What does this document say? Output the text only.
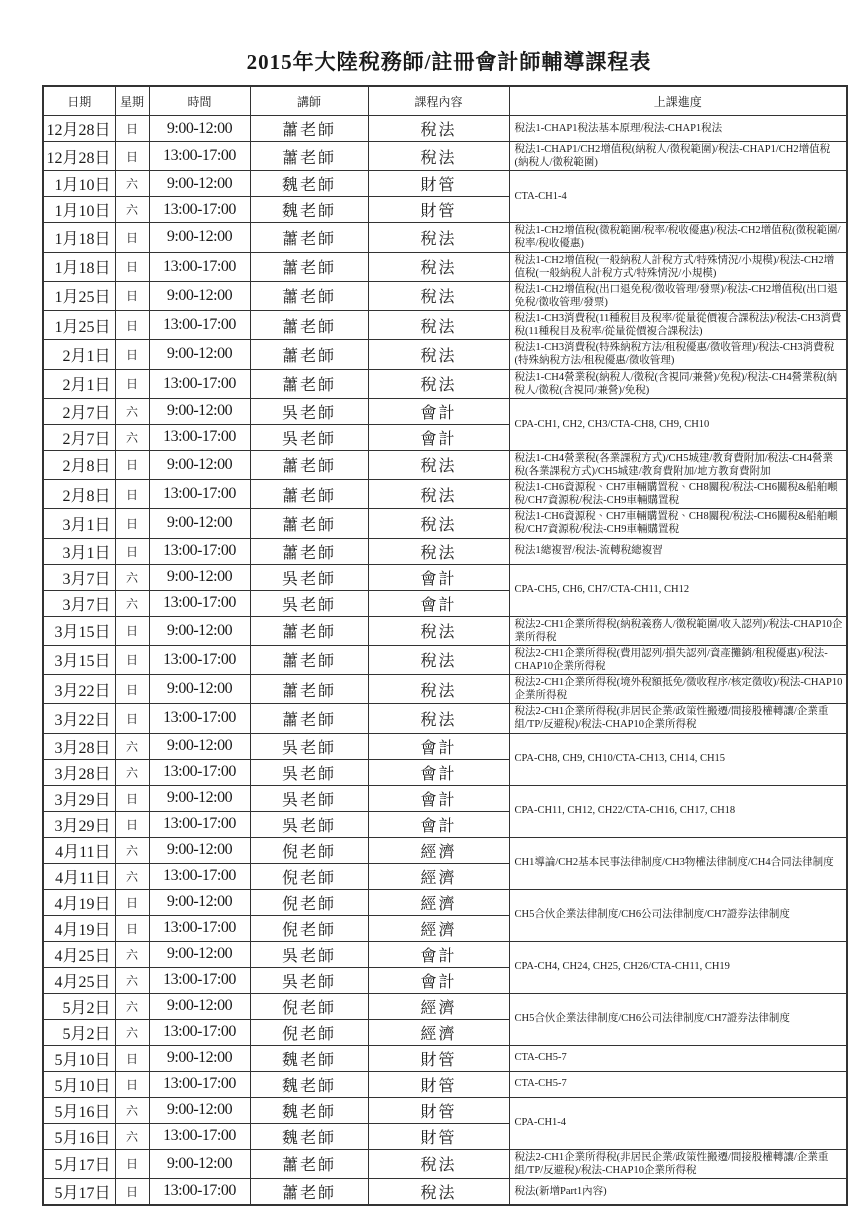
2015年大陸稅務師/註冊會計師輔導課程表
日期	星期	時間	講師	課程內容	上課進度
12月28日	日	9:00-12:00	蕭老師	稅法	稅法1-CHAP1稅法基本原理/稅法-CHAP1稅法
12月28日	日	13:00-17:00	蕭老師	稅法	稅法1-CHAP1/CH2增值稅(納稅人/徵稅範圍)/稅法-CHAP1/CH2增值稅(納稅人/徵稅範圍)
1月10日	六	9:00-12:00	魏老師	財管	CTA-CH1-4
1月10日	六	13:00-17:00	魏老師	財管	
1月18日	日	9:00-12:00	蕭老師	稅法	稅法1-CH2增值稅(徵稅範圍/稅率/稅收優惠)/稅法-CH2增值稅(徵稅範圍/稅率/稅收優惠)
1月18日	日	13:00-17:00	蕭老師	稅法	稅法1-CH2增值稅(一般納稅人計稅方式/特殊情況/小規模)/稅法-CH2增值稅(一般納稅人計稅方式/特殊情況/小規模)
1月25日	日	9:00-12:00	蕭老師	稅法	稅法1-CH2增值稅(出口退免稅/徵收管理/發票)/稅法-CH2增值稅(出口退免稅/徵收管理/發票)
1月25日	日	13:00-17:00	蕭老師	稅法	稅法1-CH3消費稅(11種稅目及稅率/從量從價複合課稅法)/稅法-CH3消費稅(11種稅目及稅率/從量從價複合課稅法)
2月1日	日	9:00-12:00	蕭老師	稅法	稅法1-CH3消費稅(特殊納稅方法/租稅優惠/徵收管理)/稅法-CH3消費稅(特殊納稅方法/租稅優惠/徵收管理)
2月1日	日	13:00-17:00	蕭老師	稅法	稅法1-CH4營業稅(納稅人/徵稅(含視同/兼營)/免稅)/稅法-CH4營業稅(納稅人/徵稅(含視同/兼營)/免稅)
2月7日	六	9:00-12:00	吳老師	會計	CPA-CH1, CH2, CH3/CTA-CH8, CH9, CH10
2月7日	六	13:00-17:00	吳老師	會計	
2月8日	日	9:00-12:00	蕭老師	稅法	稅法1-CH4營業稅(各業課稅方式)/CH5城建/教育費附加/稅法-CH4營業稅(各業課稅方式)/CH5城建/教育費附加/地方教育費附加
2月8日	日	13:00-17:00	蕭老師	稅法	稅法1-CH6資源稅、CH7車輛購置稅、CH8關稅/稅法-CH6關稅&船舶噸稅/CH7資源稅/稅法-CH9車輛購置稅
3月1日	日	9:00-12:00	蕭老師	稅法	稅法1-CH6資源稅、CH7車輛購置稅、CH8關稅/稅法-CH6關稅&船舶噸稅/CH7資源稅/稅法-CH9車輛購置稅
3月1日	日	13:00-17:00	蕭老師	稅法	稅法1總複習/稅法-流轉稅總複習
3月7日	六	9:00-12:00	吳老師	會計	CPA-CH5, CH6, CH7/CTA-CH11, CH12
3月7日	六	13:00-17:00	吳老師	會計	
3月15日	日	9:00-12:00	蕭老師	稅法	稅法2-CH1企業所得稅(納稅義務人/徵稅範圍/收入認列)/稅法-CHAP10企業所得稅
3月15日	日	13:00-17:00	蕭老師	稅法	稅法2-CH1企業所得稅(費用認列/損失認列/資產攤銷/租稅優惠)/稅法-CHAP10企業所得稅
3月22日	日	9:00-12:00	蕭老師	稅法	稅法2-CH1企業所得稅(境外稅額抵免/徵收程序/核定徵收)/稅法-CHAP10企業所得稅
3月22日	日	13:00-17:00	蕭老師	稅法	稅法2-CH1企業所得稅(非居民企業/政策性搬遷/間接股權轉讓/企業重組/TP/反避稅)/稅法-CHAP10企業所得稅
3月28日	六	9:00-12:00	吳老師	會計	CPA-CH8, CH9, CH10/CTA-CH13, CH14, CH15
3月28日	六	13:00-17:00	吳老師	會計	
3月29日	日	9:00-12:00	吳老師	會計	CPA-CH11, CH12, CH22/CTA-CH16, CH17, CH18
3月29日	日	13:00-17:00	吳老師	會計	
4月11日	六	9:00-12:00	倪老師	經濟	CH1導論/CH2基本民事法律制度/CH3物權法律制度/CH4合同法律制度
4月11日	六	13:00-17:00	倪老師	經濟	
4月19日	日	9:00-12:00	倪老師	經濟	CH5合伙企業法律制度/CH6公司法律制度/CH7證券法律制度
4月19日	日	13:00-17:00	倪老師	經濟	
4月25日	六	9:00-12:00	吳老師	會計	CPA-CH4, CH24, CH25, CH26/CTA-CH11, CH19
4月25日	六	13:00-17:00	吳老師	會計	
5月2日	六	9:00-12:00	倪老師	經濟	CH5合伙企業法律制度/CH6公司法律制度/CH7證券法律制度
5月2日	六	13:00-17:00	倪老師	經濟	
5月10日	日	9:00-12:00	魏老師	財管	CTA-CH5-7
5月10日	日	13:00-17:00	魏老師	財管	CTA-CH5-7
5月16日	六	9:00-12:00	魏老師	財管	CPA-CH1-4
5月16日	六	13:00-17:00	魏老師	財管	
5月17日	日	9:00-12:00	蕭老師	稅法	稅法2-CH1企業所得稅(非居民企業/政策性搬遷/間接股權轉讓/企業重組/TP/反避稅)/稅法-CHAP10企業所得稅
5月17日	日	13:00-17:00	蕭老師	稅法	稅法(新增Part1內容)
